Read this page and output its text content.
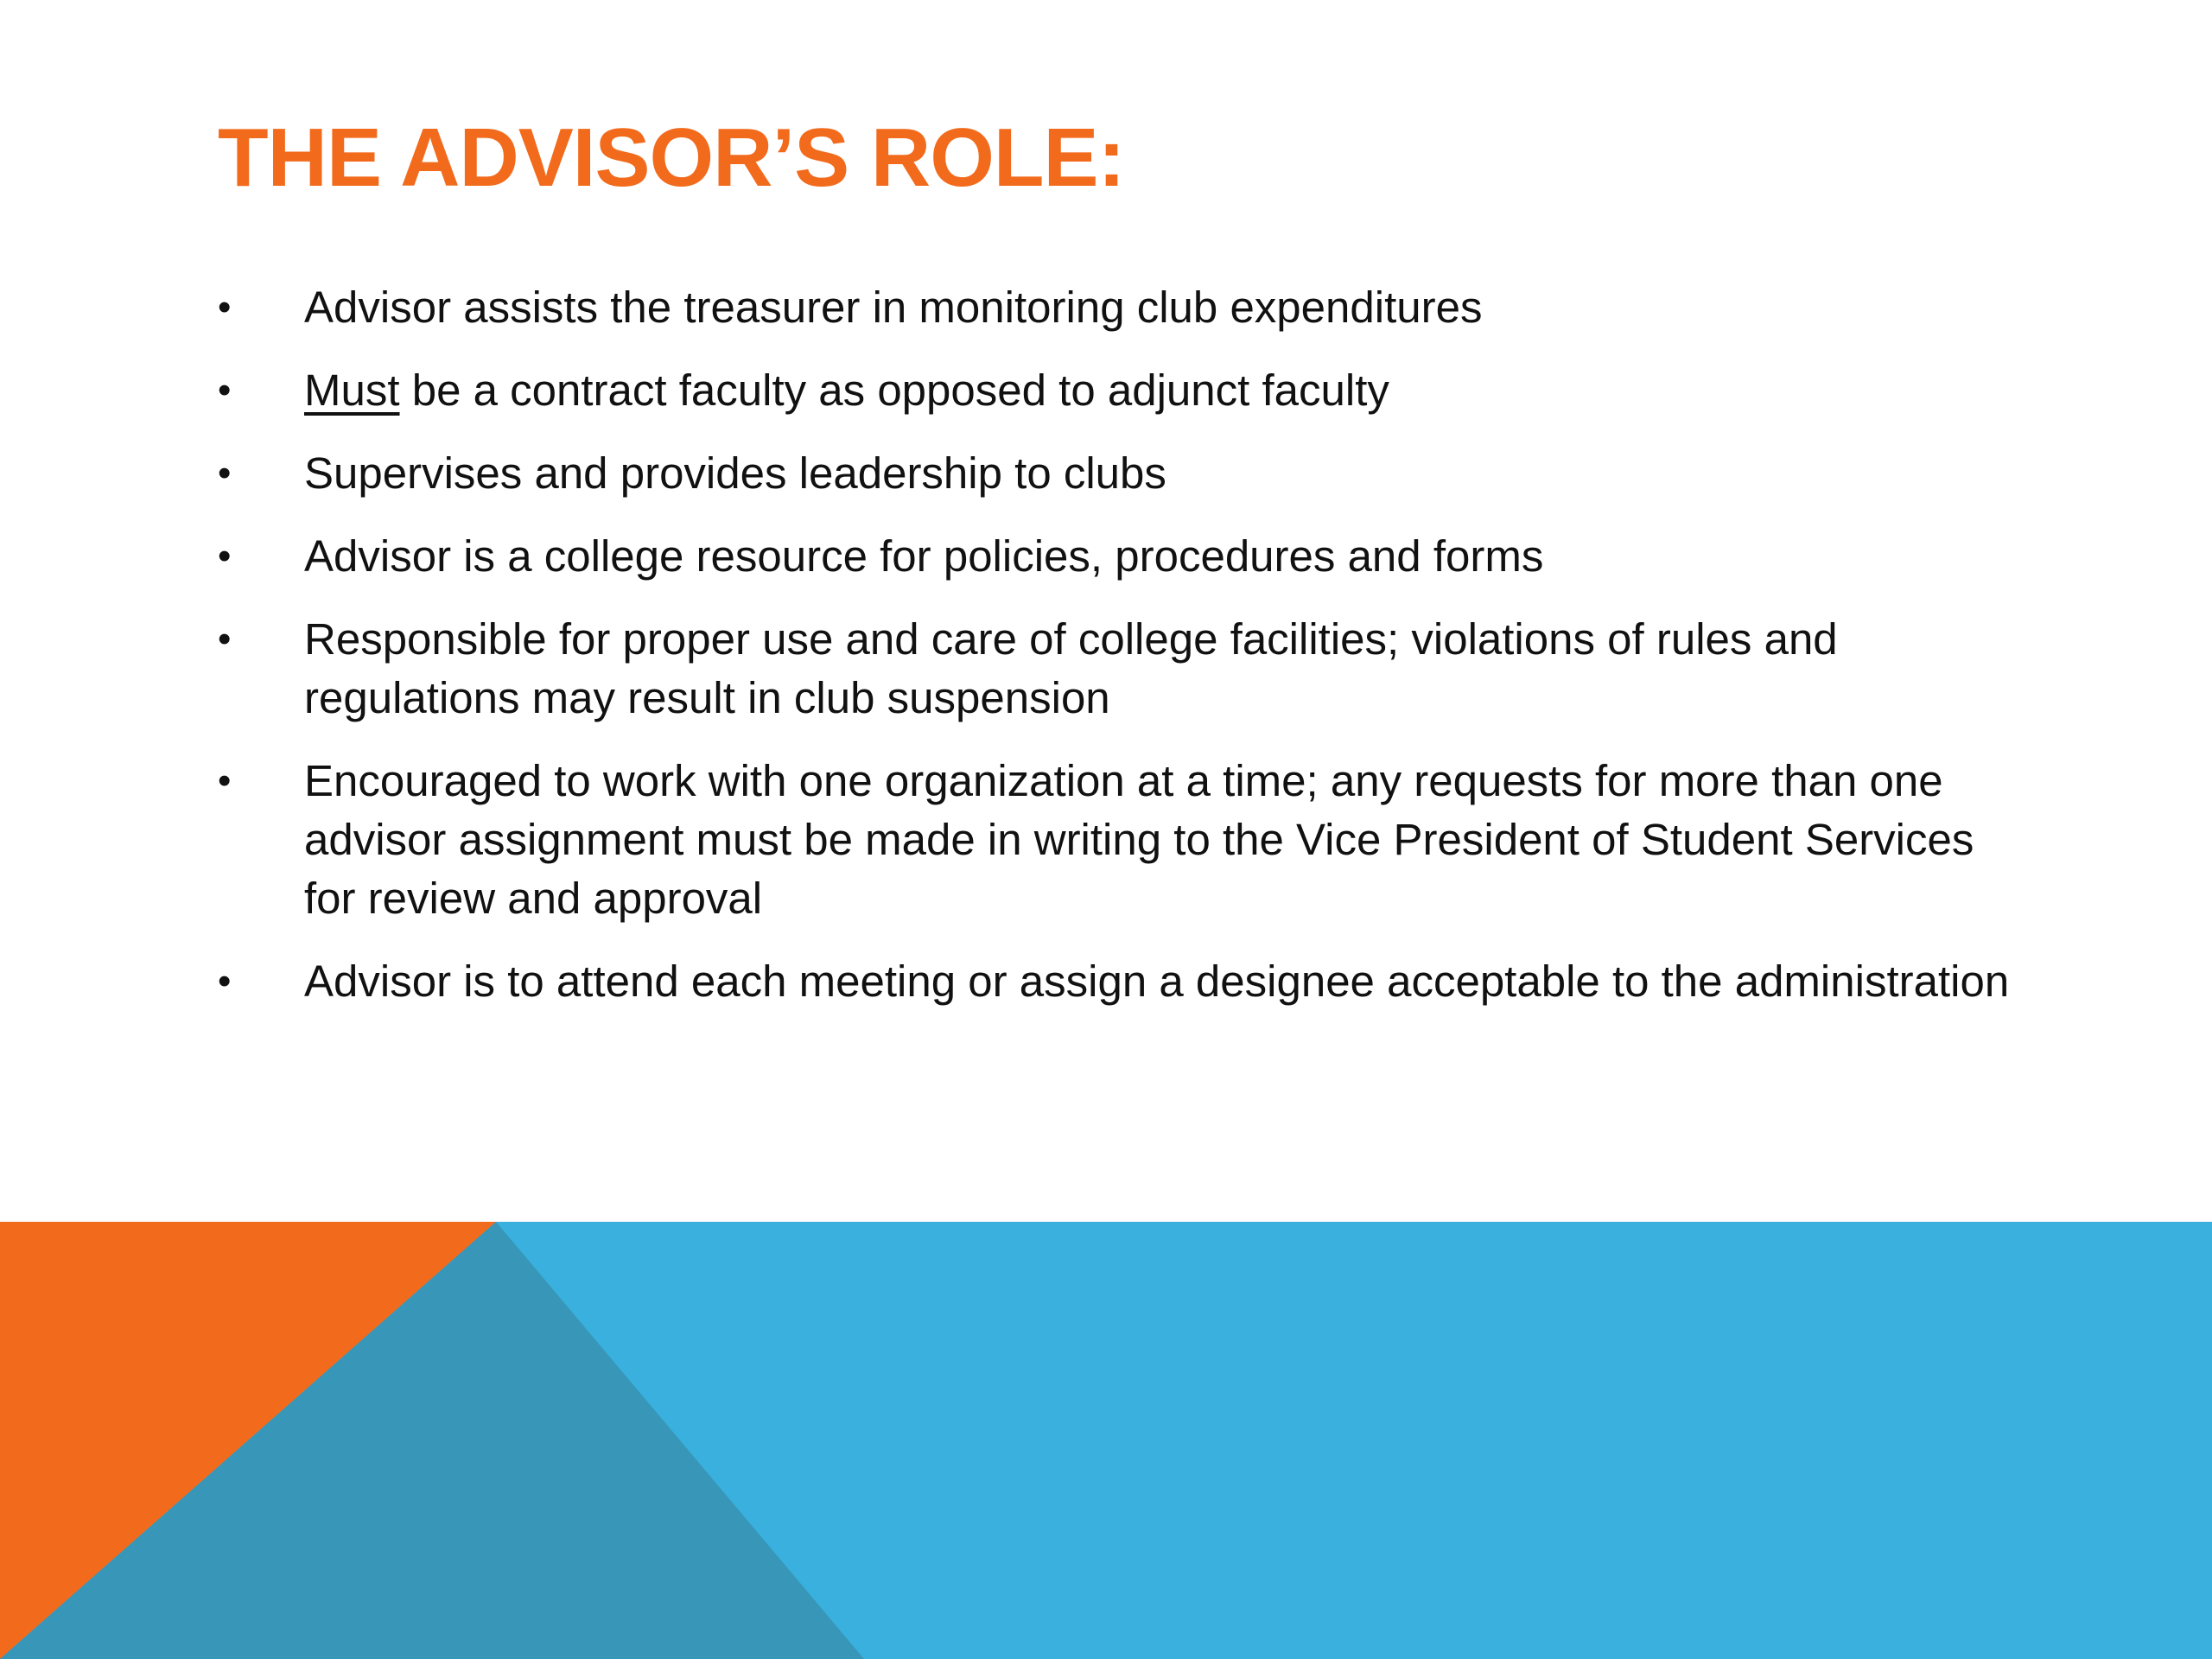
THE ADVISOR’S ROLE:
• Advisor assists the treasurer in monitoring club expenditures
• Must be a contract faculty as opposed to adjunct faculty
• Supervises and provides leadership to clubs
• Advisor is a college resource for policies, procedures and forms
• Responsible for proper use and care of college facilities; violations of rules and regulations may result in club suspension
• Encouraged to work with one organization at a time; any requests for more than one advisor assignment must be made in writing to the Vice President of Student Services for review and approval
• Advisor is to attend each meeting or assign a designee acceptable to the administration
